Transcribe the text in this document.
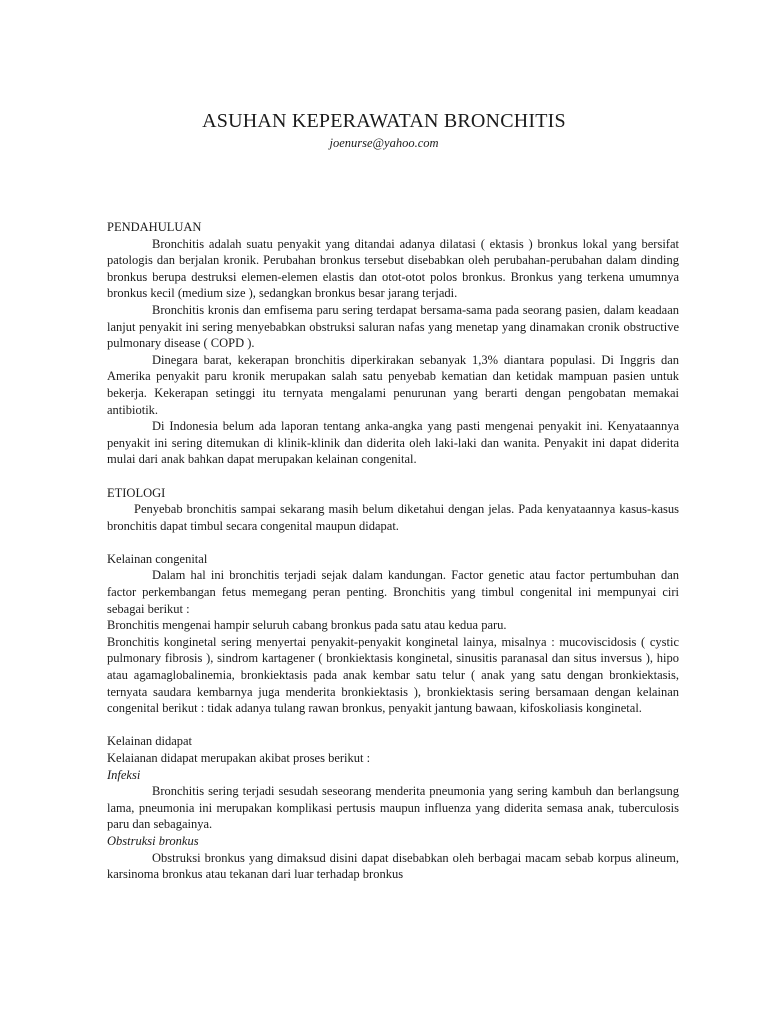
ASUHAN KEPERAWATAN BRONCHITIS
joenurse@yahoo.com

PENDAHULUAN

Bronchitis adalah suatu penyakit yang ditandai adanya dilatasi ( ektasis ) bronkus lokal yang bersifat patologis dan berjalan kronik. Perubahan bronkus tersebut disebabkan oleh perubahan-perubahan dalam dinding bronkus berupa destruksi elemen-elemen elastis dan otot-otot polos bronkus. Bronkus yang terkena umumnya bronkus kecil (medium size ), sedangkan bronkus besar jarang terjadi.

Bronchitis kronis dan emfisema paru sering terdapat bersama-sama pada seorang pasien, dalam keadaan lanjut penyakit ini sering menyebabkan obstruksi saluran nafas yang menetap yang dinamakan cronik obstructive pulmonary disease ( COPD ).

Dinegara barat, kekerapan bronchitis diperkirakan sebanyak 1,3% diantara populasi. Di Inggris dan Amerika penyakit paru kronik merupakan salah satu penyebab kematian dan ketidak mampuan pasien untuk bekerja. Kekerapan setinggi itu ternyata mengalami penurunan yang berarti dengan pengobatan memakai antibiotik.

Di Indonesia belum ada laporan tentang anka-angka yang pasti mengenai penyakit ini. Kenyataannya penyakit ini sering ditemukan di klinik-klinik dan diderita oleh laki-laki dan wanita. Penyakit ini dapat diderita mulai dari anak bahkan dapat merupakan kelainan congenital.

ETIOLOGI

Penyebab bronchitis sampai sekarang masih belum diketahui dengan jelas. Pada kenyataannya kasus-kasus bronchitis dapat timbul secara congenital maupun didapat.

Kelainan congenital

Dalam hal ini bronchitis terjadi sejak dalam kandungan. Factor genetic atau factor pertumbuhan dan factor perkembangan fetus memegang peran penting. Bronchitis yang timbul congenital ini mempunyai ciri sebagai berikut :

Bronchitis mengenai hampir seluruh cabang bronkus pada satu atau kedua paru.

Bronchitis konginetal sering menyertai penyakit-penyakit konginetal lainya, misalnya : mucoviscidosis ( cystic pulmonary fibrosis ), sindrom kartagener ( bronkiektasis konginetal, sinusitis paranasal dan situs inversus ), hipo atau agamaglobalinemia, bronkiektasis pada anak kembar satu telur ( anak yang satu dengan bronkiektasis, ternyata saudara kembarnya juga menderita bronkiektasis ), bronkiektasis sering bersamaan dengan kelainan congenital berikut : tidak adanya tulang rawan bronkus, penyakit jantung bawaan, kifoskoliasis konginetal.

Kelainan didapat

Kelaianan didapat merupakan akibat proses berikut :

Infeksi

Bronchitis sering terjadi sesudah seseorang menderita pneumonia yang sering kambuh dan berlangsung lama, pneumonia ini merupakan komplikasi pertusis maupun influenza yang diderita semasa anak, tuberculosis paru dan sebagainya.

Obstruksi bronkus

Obstruksi bronkus yang dimaksud disini dapat disebabkan oleh berbagai macam sebab korpus alineum, karsinoma bronkus atau tekanan dari luar terhadap bronkus
